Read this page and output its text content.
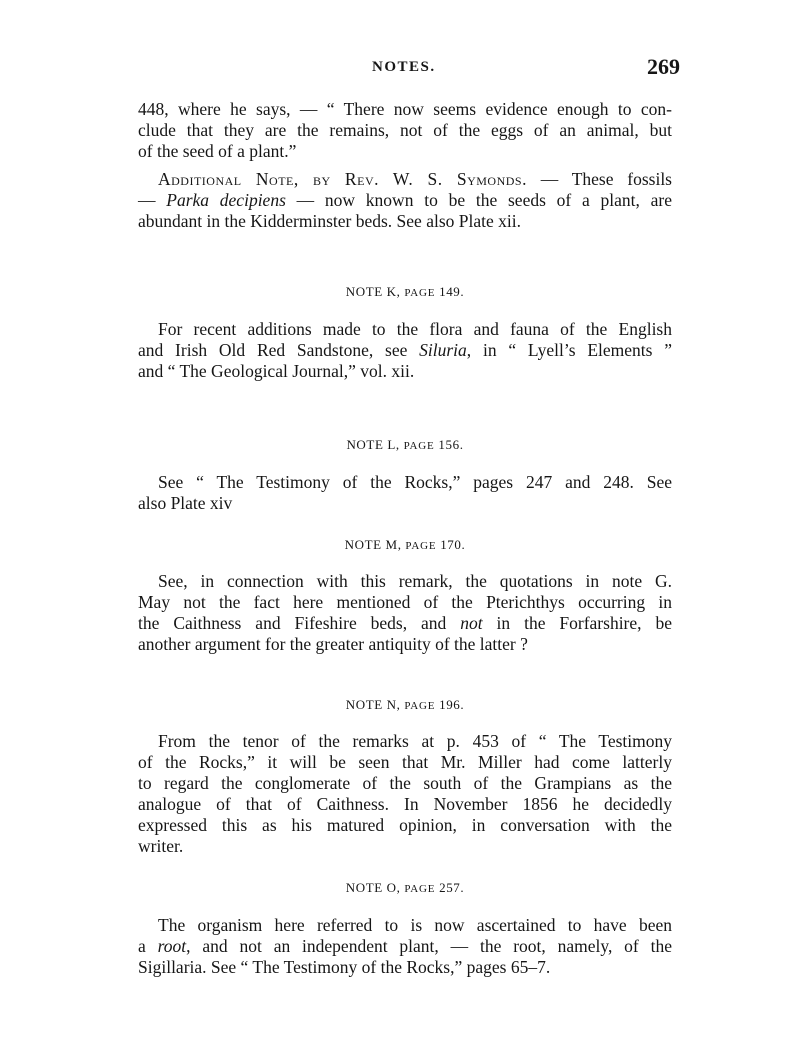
NOTES.	269

448, where he says, — “ There now seems evidence enough to con-
clude that they are the remains, not of the eggs of an animal, but
of the seed of a plant.”

Additional Note, by Rev. W. S. Symonds. — These fossils
— Parka decipiens — now known to be the seeds of a plant, are
abundant in the Kidderminster beds. See also Plate xii.

NOTE K, PAGE 149.

For recent additions made to the flora and fauna of the English
and Irish Old Red Sandstone, see Siluria, in “ Lyell’s Elements ”
and “ The Geological Journal,” vol. xii.

NOTE L, PAGE 156.

See “ The Testimony of the Rocks,” pages 247 and 248. See
also Plate xiv

NOTE M, PAGE 170.

See, in connection with this remark, the quotations in note G.
May not the fact here mentioned of the Pterichthys occurring in
the Caithness and Fifeshire beds, and not in the Forfarshire, be
another argument for the greater antiquity of the latter ?

NOTE N, PAGE 196.

From the tenor of the remarks at p. 453 of “ The Testimony
of the Rocks,” it will be seen that Mr. Miller had come latterly
to regard the conglomerate of the south of the Grampians as the
analogue of that of Caithness. In November 1856 he decidedly
expressed this as his matured opinion, in conversation with the
writer.

NOTE O, PAGE 257.

The organism here referred to is now ascertained to have been
a root, and not an independent plant, — the root, namely, of the
Sigillaria. See “ The Testimony of the Rocks,” pages 65–7.
